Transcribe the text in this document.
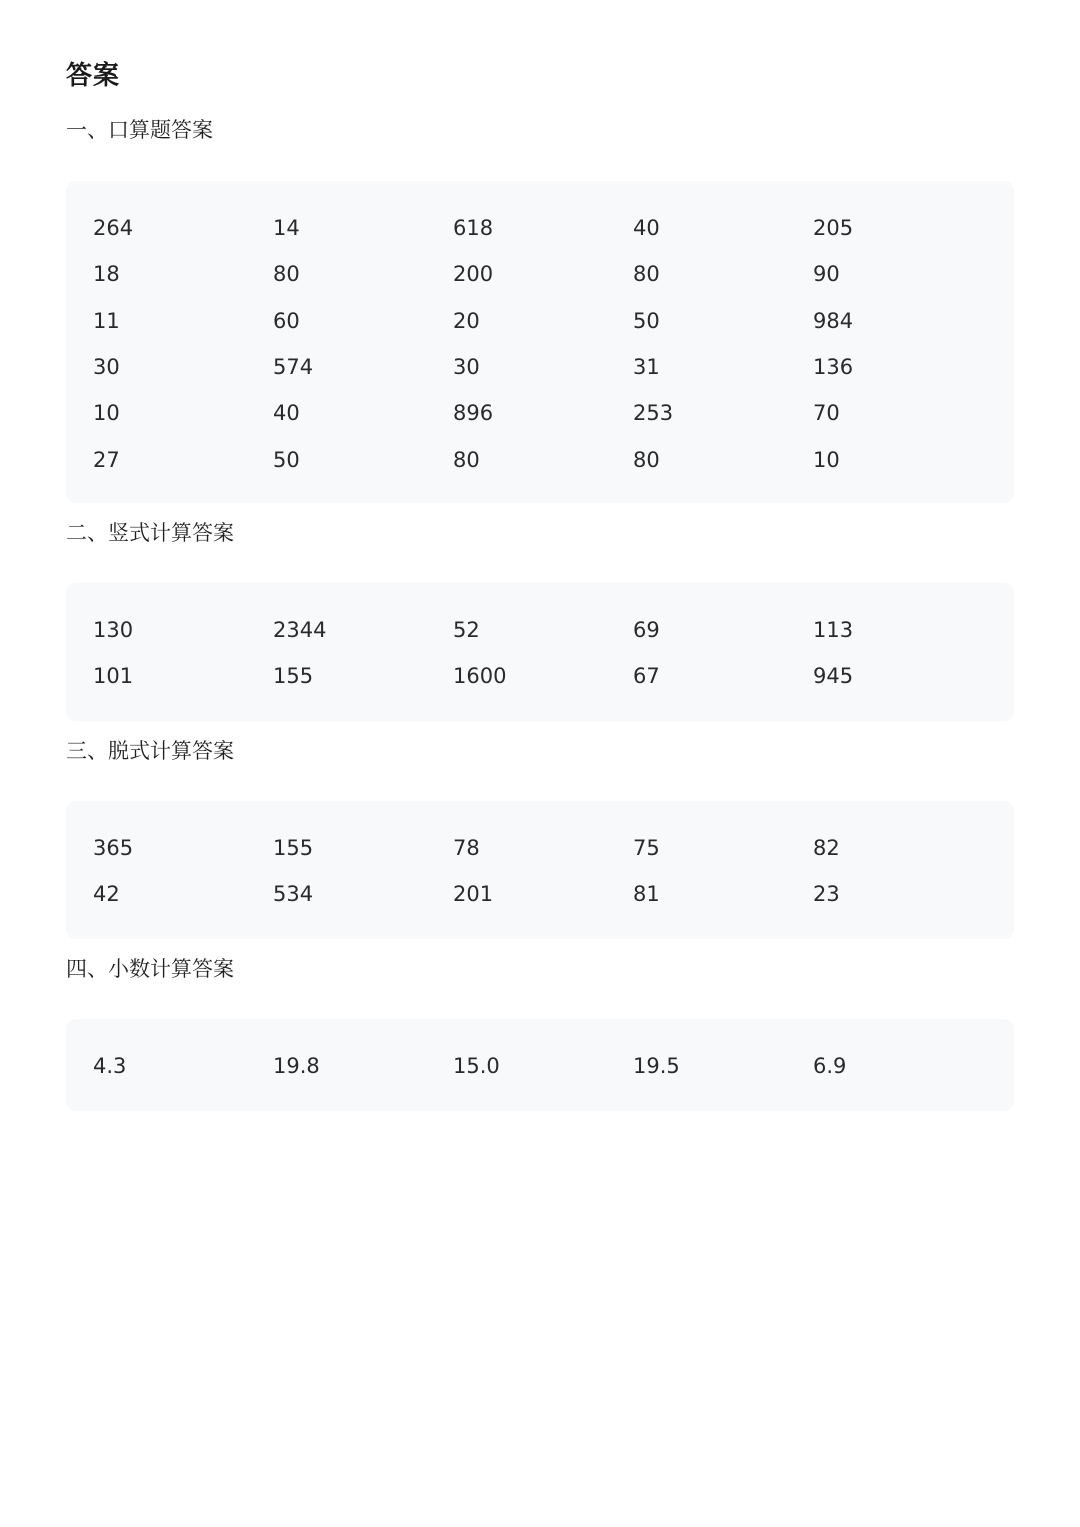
答案
一、口算题答案
264	14	618	40	205
18	80	200	80	90
11	60	20	50	984
30	574	30	31	136
10	40	896	253	70
27	50	80	80	10
二、竖式计算答案
130	2344	52	69	113
101	155	1600	67	945
三、脱式计算答案
365	155	78	75	82
42	534	201	81	23
四、小数计算答案
4.3	19.8	15.0	19.5	6.9
